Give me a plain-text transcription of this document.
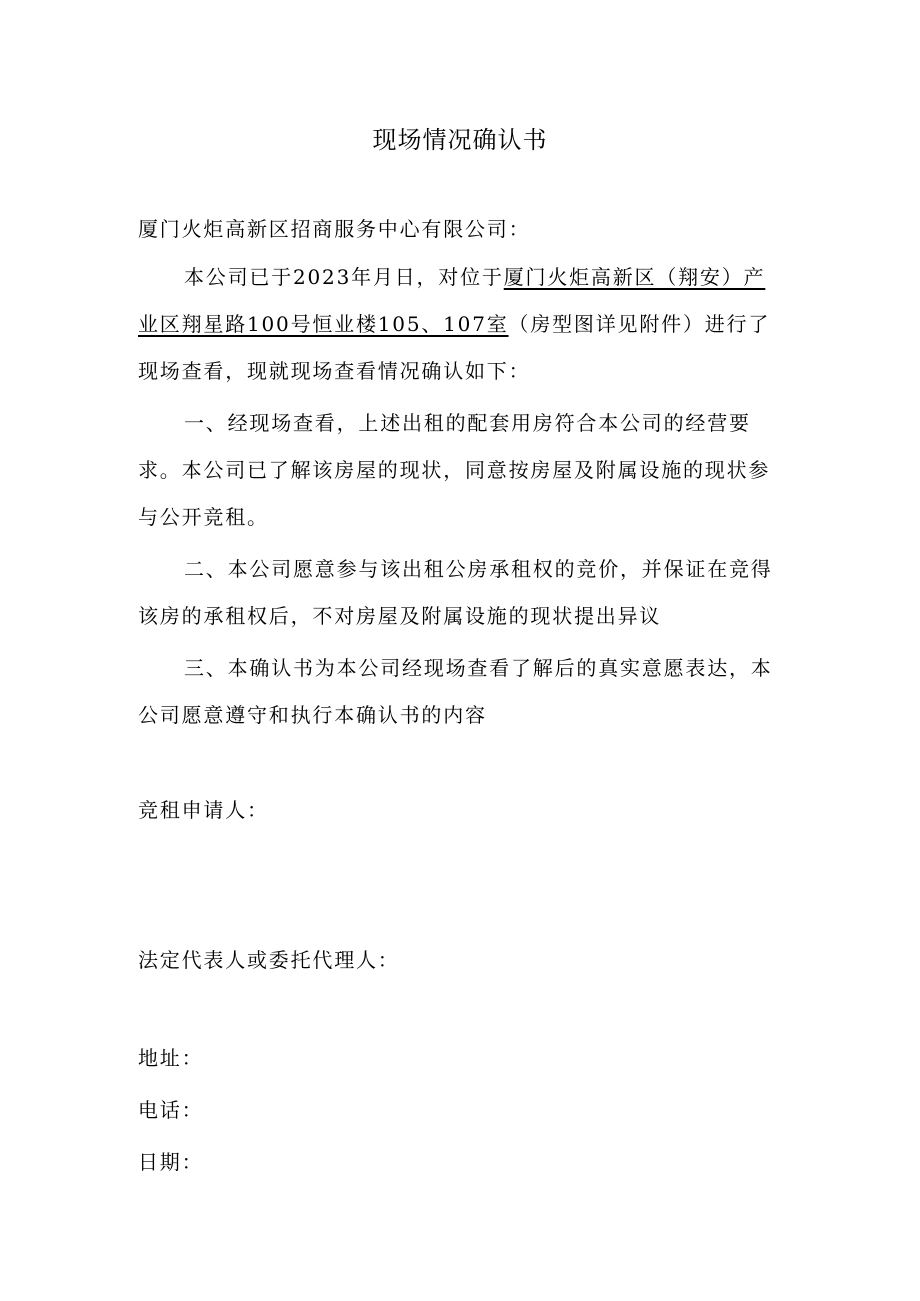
现场情况确认书
厦门火炬高新区招商服务中心有限公司：
本公司已于2023年月日，对位于厦门火炬高新区（翔安）产业区翔星路100号恒业楼105、107室（房型图详见附件）进行了现场查看，现就现场查看情况确认如下：
一、经现场查看，上述出租的配套用房符合本公司的经营要求。本公司已了解该房屋的现状，同意按房屋及附属设施的现状参与公开竞租。
二、本公司愿意参与该出租公房承租权的竞价，并保证在竞得该房的承租权后，不对房屋及附属设施的现状提出异议
三、本确认书为本公司经现场查看了解后的真实意愿表达，本公司愿意遵守和执行本确认书的内容
竞租申请人：
法定代表人或委托代理人：
地址：
电话：
日期：
